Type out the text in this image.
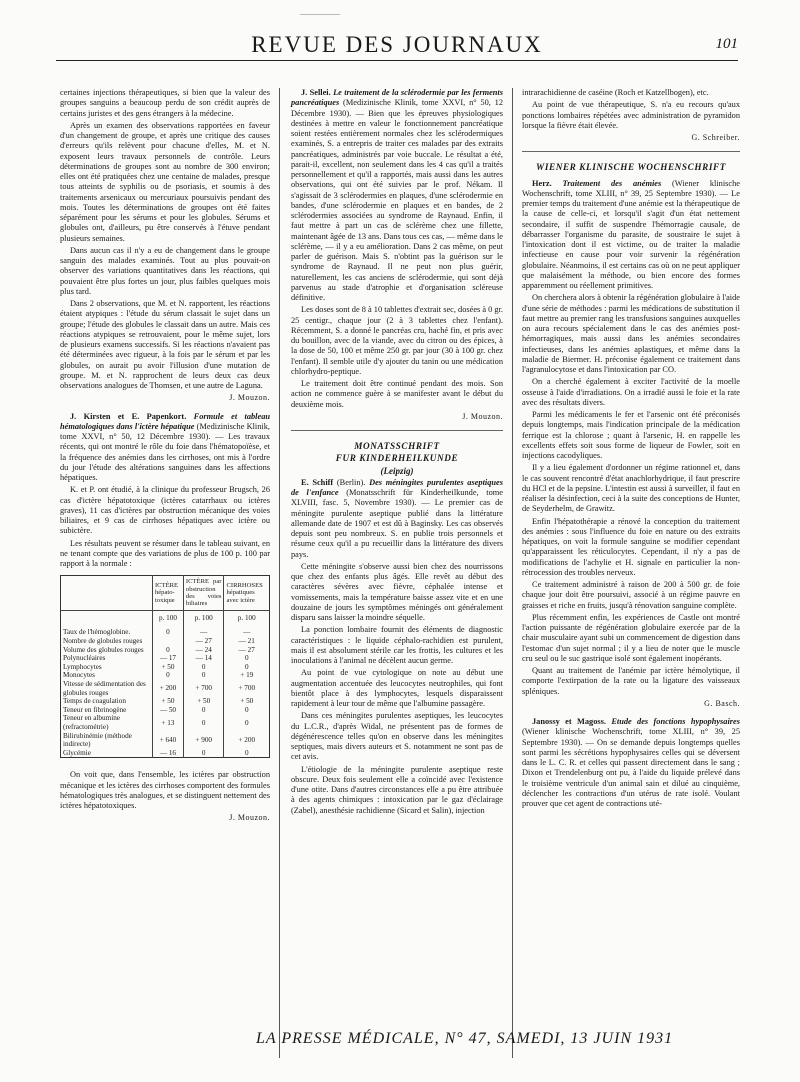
REVUE DES JOURNAUX	101

certaines injections thérapeutiques, si bien que la valeur des groupes sanguins a beaucoup perdu de son crédit auprès de certains juristes et des gens étrangers à la médecine.

Après un examen des observations rapportées en faveur d'un changement de groupe, et après une critique des causes d'erreurs qu'ils relèvent pour chacune d'elles, M. et N. exposent leurs travaux personnels de contrôle. Leurs déterminations de groupes sont au nombre de 300 environ; elles ont été pratiquées chez une centaine de malades, presque tous atteints de syphilis ou de psoriasis, et soumis à des traitements arsenicaux ou mercuriaux poursuivis pendant des mois. Toutes les déterminations de groupes ont été faites séparément pour les sérums et pour les globules. Sérums et globules ont, d'ailleurs, pu être conservés à l'étuve pendant plusieurs semaines.

Dans aucun cas il n'y a eu de changement dans le groupe sanguin des malades examinés. Tout au plus pouvait-on observer des variations quantitatives dans les réactions, qui pouvaient être plus fortes un jour, plus faibles quelques mois plus tard.

Dans 2 observations, que M. et N. rapportent, les réactions étaient atypiques : l'étude du sérum classait le sujet dans un groupe; l'étude des globules le classait dans un autre. Mais ces réactions atypiques se retrouvaient, pour le même sujet, lors de plusieurs examens successifs. Si les réactions n'avaient pas été déterminées avec rigueur, à la fois par le sérum et par les globules, on aurait pu avoir l'illusion d'une mutation de groupe. M. et N. rapprochent de leurs deux cas deux observations analogues de Thomsen, et une autre de Laguna.

J. Mouzon.

J. Kirsten et E. Papenkort. Formule et tableau hématologiques dans l'ictère hépatique (Medizinische Klinik, tome XXVI, n° 50, 12 Décembre 1930). — Les travaux récents, qui ont montré le rôle du foie dans l'hématopoïèse, et la fréquence des anémies dans les cirrhoses, ont mis à l'ordre du jour l'étude des altérations sanguines dans les affections hépatiques.

K. et P. ont étudié, à la clinique du professeur Brugsch, 26 cas d'ictère hépatotoxique (ictères catarrhaux ou ictères graves), 11 cas d'ictères par obstruction mécanique des voies biliaires, et 9 cas de cirrhoses hépatiques avec ictère ou subictère.

Les résultats peuvent se résumer dans le tableau suivant, en ne tenant compte que des variations de plus de 100 p. 100 par rapport à la normale :

	ICTÈRE hépato-toxique	ICTÈRE par obstruction des voies biliaires	CIRRHOSES hépatiques avec ictère
	p. 100	p. 100	p. 100
Taux de l'hémoglobine.	0	—	—
Nombre de globules rouges		— 27	— 21
Volume des globules rouges	0	— 24	— 27
Polynucléaires	— 17	— 14	0
Lymphocytes	+ 50	0	0
Monocytes	0	0	+ 19
Vitesse de sédimentation des globules rouges	+ 200	+ 700	+ 700
Temps de coagulation	+ 50	+ 50	+ 50
Teneur en fibrinogène	— 50	0	0
Teneur en albumine (refractométrie)	+ 13	0	0
Bilirubinémie (méthode indirecte)	+ 640	+ 900	+ 200
Glycémie	— 16	0	0

On voit que, dans l'ensemble, les ictères par obstruction mécanique et les ictères des cirrhoses comportent des formules hématologiques très analogues, et se distinguent nettement des ictères hépatotoxiques.

J. Mouzon.

J. Sellei. Le traitement de la sclérodermie par les ferments pancréatiques (Medizinische Klinik, tome XXVI, n° 50, 12 Décembre 1930). — Bien que les épreuves physiologiques destinées à mettre en valeur le fonctionnement pancréatique soient restées entièrement normales chez les sclérodermiques examinés, S. a entrepris de traiter ces malades par des extraits pancréatiques, administrés par voie buccale. Le résultat a été, parait-il, excellent, non seulement dans les 4 cas qu'il a traités personnellement et qu'il a rapportés, mais aussi dans les autres observations, qui ont été suivies par le prof. Nékam. Il s'agissait de 3 sclérodermies en plaques, d'une sclérodermie en bandes, d'une sclérodermie en plaques et en bandes, de 2 sclérodermies associées au syndrome de Raynaud. Enfin, il faut mettre à part un cas de sclérème chez une fillette, maintenant âgée de 13 ans. Dans tous ces cas, — même dans le sclérème, — il y a eu amélioration. Dans 2 cas même, on peut parler de guérison. Mais S. n'obtint pas la guérison sur le syndrome de Raynaud. Il ne peut non plus guérir, naturellement, les cas anciens de sclérodermie, qui sont déjà parvenus au stade d'atrophie et d'organisation scléreuse définitive.

Les doses sont de 8 à 10 tablettes d'extrait sec, dosées à 0 gr. 25 centigr., chaque jour (2 à 3 tablettes chez l'enfant). Récemment, S. a donné le pancréas cru, haché fin, et pris avec du bouillon, avec de la viande, avec du citron ou des épices, à la dose de 50, 100 et même 250 gr. par jour (30 à 100 gr. chez l'enfant). Il semble utile d'y ajouter du tanin ou une médication chlorhydro-peptique.

Le traitement doit être continué pendant des mois. Son action ne commence guère à se manifester avant le début du deuxième mois.

J. Mouzon.

MONATSSCHRIFT

FUR KINDERHEILKUNDE

(Leipzig)

E. Schiff (Berlin). Des méningites purulentes aseptiques de l'enfance (Monatsschrift für Kinderheilkunde, tome XLVIII, fasc. 5, Novembre 1930). — Le premier cas de méningite purulente aseptique publié dans la littérature allemande date de 1907 et est dû à Baginsky. Les cas observés depuis sont peu nombreux. S. en publie trois personnels et résume ceux qu'il a pu recueillir dans la littérature des divers pays.

Cette méningite s'observe aussi bien chez des nourrissons que chez des enfants plus âgés. Elle revêt au début des caractères sévères avec fièvre, céphalée intense et vomissements, mais la température baisse assez vite et en une douzaine de jours les symptômes méningés ont généralement disparu sans laisser la moindre séquelle.

La ponction lombaire fournit des éléments de diagnostic caractéristiques : le liquide céphalo-rachidien est purulent, mais il est absolument stérile car les frottis, les cultures et les inoculations à l'animal ne décèlent aucun germe.

Au point de vue cytologique on note au début une augmentation accentuée des leucocytes neutrophiles, qui font bientôt place à des lymphocytes, lesquels disparaissent rapidement à leur tour de même que l'albumine passagère.

Dans ces méningites purulentes aseptiques, les leucocytes du L.C.R., d'après Widal, ne présentent pas de formes de dégénérescence telles qu'on en observe dans les méningites septiques, mais divers auteurs et S. notamment ne sont pas de cet avis.

L'étiologie de la méningite purulente aseptique reste obscure. Deux fois seulement elle a coïncidé avec l'existence d'une otite. Dans d'autres circonstances elle a pu être attribuée à des agents chimiques : intoxication par le gaz d'éclairage (Zabel), anesthésie rachidienne (Sicard et Salin), injection

intrarachidienne de caséine (Roch et Katzellbogen), etc.

Au point de vue thérapeutique, S. n'a eu recours qu'aux ponctions lombaires répétées avec administration de pyramidon lorsque la fièvre était élevée.

G. Schreiber.

WIENER KLINISCHE WOCHENSCHRIFT

Herz. Traitement des anémies (Wiener klinische Wochenschrift, tome XLIII, n° 39, 25 Septembre 1930). — Le premier temps du traitement d'une anémie est la thérapeutique de la cause de celle-ci, et lorsqu'il s'agit d'un état nettement secondaire, il suffit de suspendre l'hémorragie causale, de débarrasser l'organisme du parasite, de soustraire le sujet à l'intoxication dont il est victime, ou de traiter la maladie infectieuse en cause pour voir survenir la régénération globulaire. Néanmoins, il est certains cas où on ne peut appliquer que malaisément la méthode, ou bien encore des formes apparemment ou réellement primitives.

On cherchera alors à obtenir la régénération globulaire à l'aide d'une série de méthodes : parmi les médications de substitution il faut mettre au premier rang les transfusions sanguines auxquelles on aura recours spécialement dans le cas des anémies post-hémorragiques, mais aussi dans les anémies secondaires infectieuses, dans les anémies aplastiques, et même dans la maladie de Biermer. H. préconise également ce traitement dans l'agranulocytose et dans l'intoxication par CO.

On a cherché également à exciter l'activité de la moelle osseuse à l'aide d'irradiations. On a irradié aussi le foie et la rate avec des résultats divers.

Parmi les médicaments le fer et l'arsenic ont été préconisés depuis longtemps, mais l'indication principale de la médication ferrique est la chlorose ; quant à l'arsenic, H. en rappelle les excellents effets soit sous forme de liqueur de Fowler, soit en injections cacodyliques.

Il y a lieu également d'ordonner un régime rationnel et, dans le cas souvent rencontré d'état anachlorhydrique, il faut prescrire du HCl et de la pepsine. L'intestin est aussi à surveiller, il faut en réaliser la désinfection, ceci à la suite des conceptions de Hunter, de Seyderhelm, de Grawitz.

Enfin l'hépatothérapie a rénové la conception du traitement des anémies : sous l'influence du foie en nature ou des extraits hépatiques, on voit la formule sanguine se modifier cependant qu'apparaissent les réticulocytes. Cependant, il n'y a pas de modifications de l'achylie et H. signale en particulier la non-rétrocession des troubles nerveux.

Ce traitement administré à raison de 200 à 500 gr. de foie chaque jour doit être poursuivi, associé à un régime pauvre en graisses et riche en fruits, jusqu'à rénovation sanguine complète.

Plus récemment enfin, les expériences de Castle ont montré l'action puissante de régénération globulaire exercée par de la chair musculaire ayant subi un commencement de digestion dans l'estomac d'un sujet normal ; il y a lieu de noter que le muscle cru seul ou le suc gastrique isolé sont également inopérants.

Quant au traitement de l'anémie par ictère hémolytique, il comporte l'extirpation de la rate ou la ligature des vaisseaux spléniques.

G. Basch.

Janossy et Magoss. Etude des fonctions hypophysaires (Wiener klinische Wochenschrift, tome XLIII, n° 39, 25 Septembre 1930). — On se demande depuis longtemps quelles sont parmi les sécrétions hypophysaires celles qui se déversent dans le L. C. R. et celles qui passent directement dans le sang ; Dixon et Trendelenburg ont pu, à l'aide du liquide prélevé dans le troisième ventricule d'un animal sain et dilué au cinquième, déclencher les contractions d'un utérus de rate isolé. Voulant prouver que cet agent de contractions uté-

LA PRESSE MÉDICALE, N° 47, SAMEDI, 13 JUIN 1931
